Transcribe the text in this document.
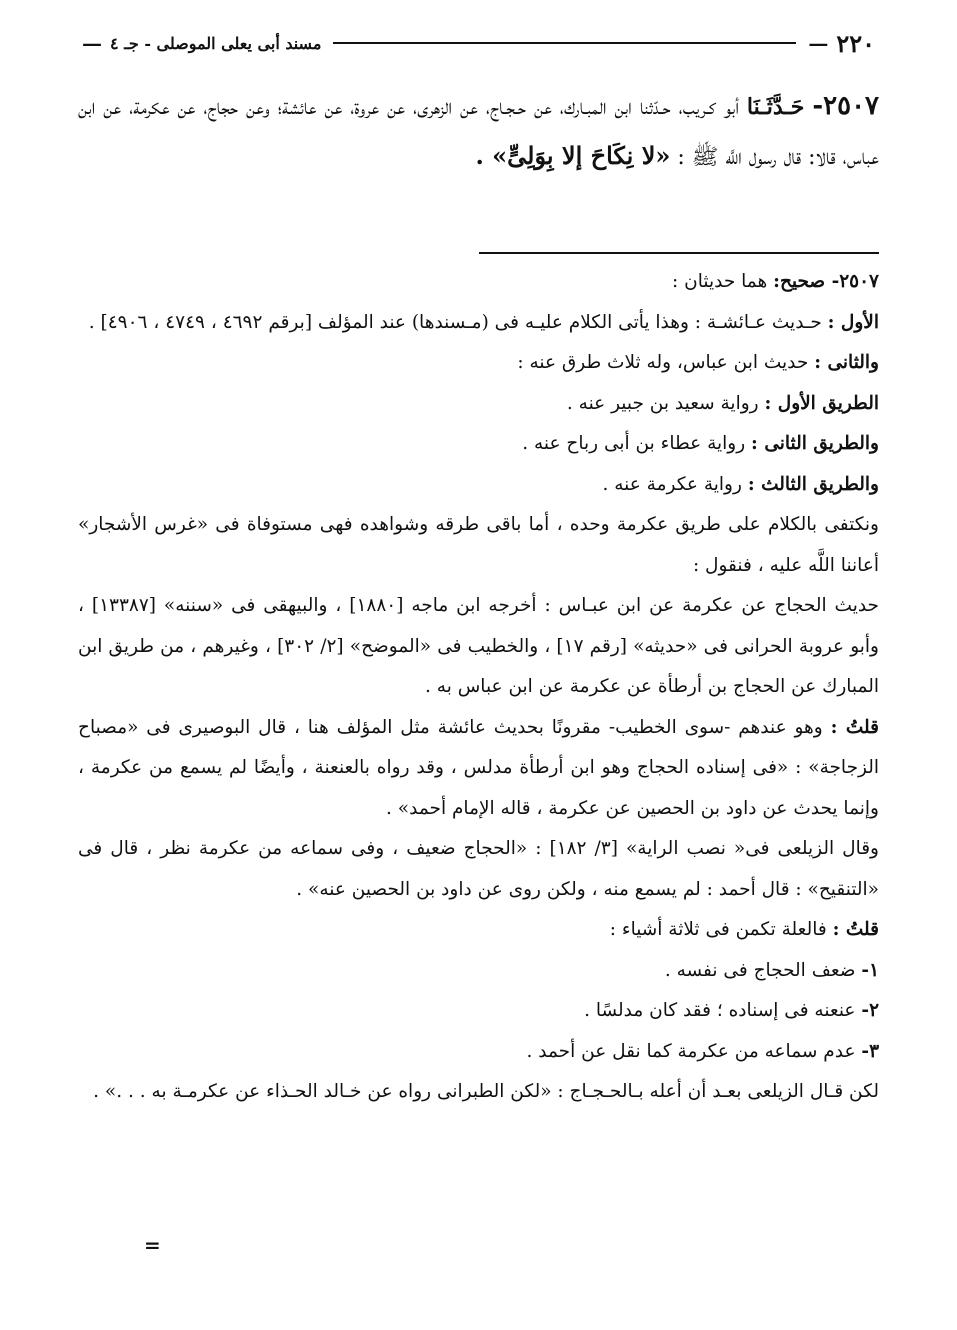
٢٢٠
—
مسند أبى يعلى الموصلى - جـ ٤
—
٢٥٠٧- حَـدَّثَـنَا أبو كـريب، حـدّثنا ابن المبـارك، عن حـجـاج، عن الزهرى، عن عروة، عن عائشة؛ وعن حجاج، عن عكرمة، عن ابن عباس، قالا: قال رسول اللَّه ﷺ : «لا نِكَاحَ إلا بِوَلِىٍّ» .

٢٥٠٧- صحيح: هما حديثان :

الأول : حـديث عـائشـة : وهذا يأتى الكلام عليـه فى (مـسندها) عند المؤلف [برقم ٤٦٩٢ ، ٤٧٤٩ ، ٤٩٠٦] .

والثانى : حديث ابن عباس، وله ثلاث طرق عنه :

الطريق الأول : رواية سعيد بن جبير عنه .

والطريق الثانى : رواية عطاء بن أبى رباح عنه .

والطريق الثالث : رواية عكرمة عنه .

ونكتفى بالكلام على طريق عكرمة وحده ، أما باقى طرقه وشواهده فهى مستوفاة فى «غرس الأشجار» أعاننا اللَّه عليه ، فنقول :

حديث الحجاج عن عكرمة عن ابن عبـاس : أخرجه ابن ماجه [١٨٨٠] ، والبيهقى فى «سننه» [١٣٣٨٧] ، وأبو عروبة الحرانى فى «حديثه» [رقم ١٧] ، والخطيب فى «الموضح» [٢/ ٣٠٢] ، وغيرهم ، من طريق ابن المبارك عن الحجاج بن أرطأة عن عكرمة عن ابن عباس به .

قلتُ : وهو عندهم -سوى الخطيب- مقرونًا بحديث عائشة مثل المؤلف هنا ، قال البوصيرى فى «مصباح الزجاجة» : «فى إسناده الحجاج وهو ابن أرطأة مدلس ، وقد رواه بالعنعنة ، وأيضًا لم يسمع من عكرمة ، وإنما يحدث عن داود بن الحصين عن عكرمة ، قاله الإمام أحمد» .

وقال الزيلعى فى« نصب الراية» [٣/ ١٨٢] : «الحجاج ضعيف ، وفى سماعه من عكرمة نظر ، قال فى «التنقيح» : قال أحمد : لم يسمع منه ، ولكن روى عن داود بن الحصين عنه» .

قلتُ : فالعلة تكمن فى ثلاثة أشياء :

١- ضعف الحجاج فى نفسه .

٢- عنعنه فى إسناده ؛ فقد كان مدلسًا .

٣- عدم سماعه من عكرمة كما نقل عن أحمد .

لكن قـال الزيلعى بعـد أن أعله بـالحـجـاج : «لكن الطبرانى رواه عن خـالد الحـذاء عن عكرمـة به . . .» .

=
